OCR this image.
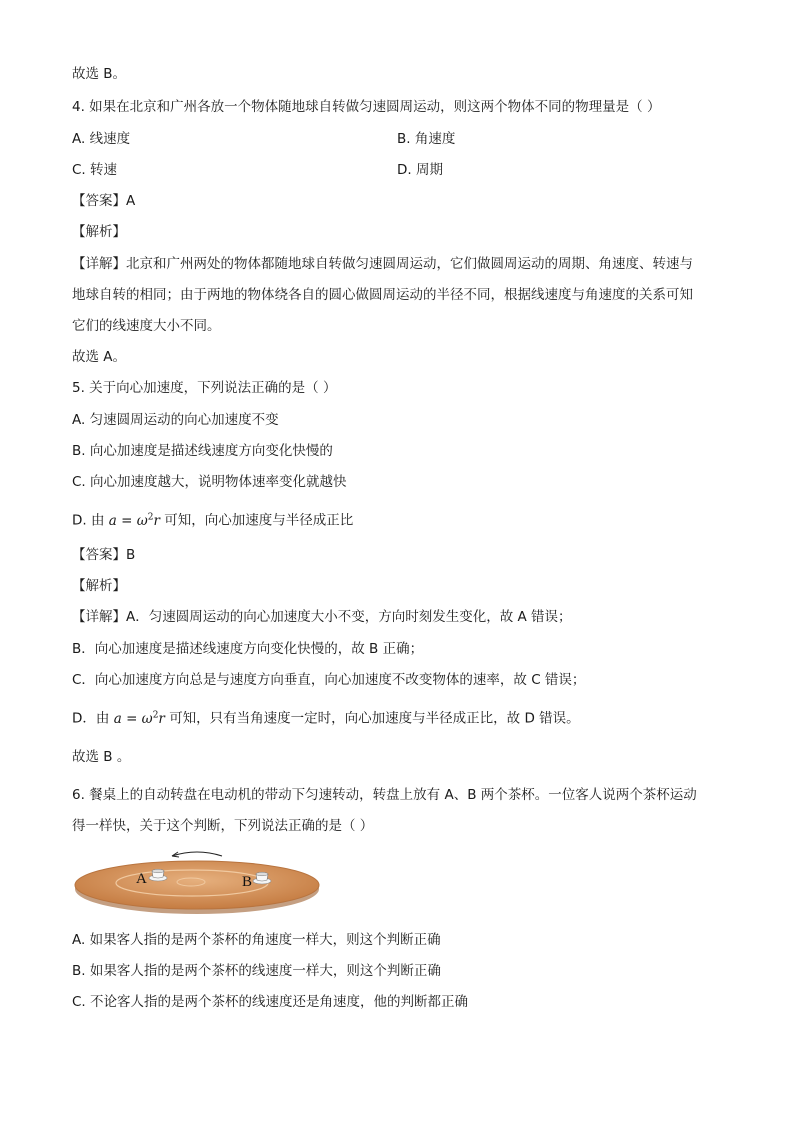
故选 B。
4. 如果在北京和广州各放一个物体随地球自转做匀速圆周运动，则这两个物体不同的物理量是（ ）
A. 线速度	B. 角速度
C. 转速	D. 周期
【答案】A
【解析】
【详解】北京和广州两处的物体都随地球自转做匀速圆周运动，它们做圆周运动的周期、角速度、转速与
地球自转的相同；由于两地的物体绕各自的圆心做圆周运动的半径不同，根据线速度与角速度的关系可知
它们的线速度大小不同。
故选 A。
5. 关于向心加速度，下列说法正确的是（ ）
A. 匀速圆周运动的向心加速度不变
B. 向心加速度是描述线速度方向变化快慢的
C. 向心加速度越大，说明物体速率变化就越快
D. 由 $a = \omega^2r$ 可知，向心加速度与半径成正比
【答案】B
【解析】
【详解】A．匀速圆周运动的向心加速度大小不变，方向时刻发生变化，故 A 错误；
B．向心加速度是描述线速度方向变化快慢的，故 B 正确；
C．向心加速度方向总是与速度方向垂直，向心加速度不改变物体的速率，故 C 错误；
D．由 $a = \omega^2r$ 可知，只有当角速度一定时，向心加速度与半径成正比，故 D 错误。
故选 B 。
6. 餐桌上的自动转盘在电动机的带动下匀速转动，转盘上放有 A、B 两个茶杯。一位客人说两个茶杯运动
得一样快，关于这个判断，下列说法正确的是（ ）
A	B
A. 如果客人指的是两个茶杯的角速度一样大，则这个判断正确
B. 如果客人指的是两个茶杯的线速度一样大，则这个判断正确
C. 不论客人指的是两个茶杯的线速度还是角速度，他的判断都正确
